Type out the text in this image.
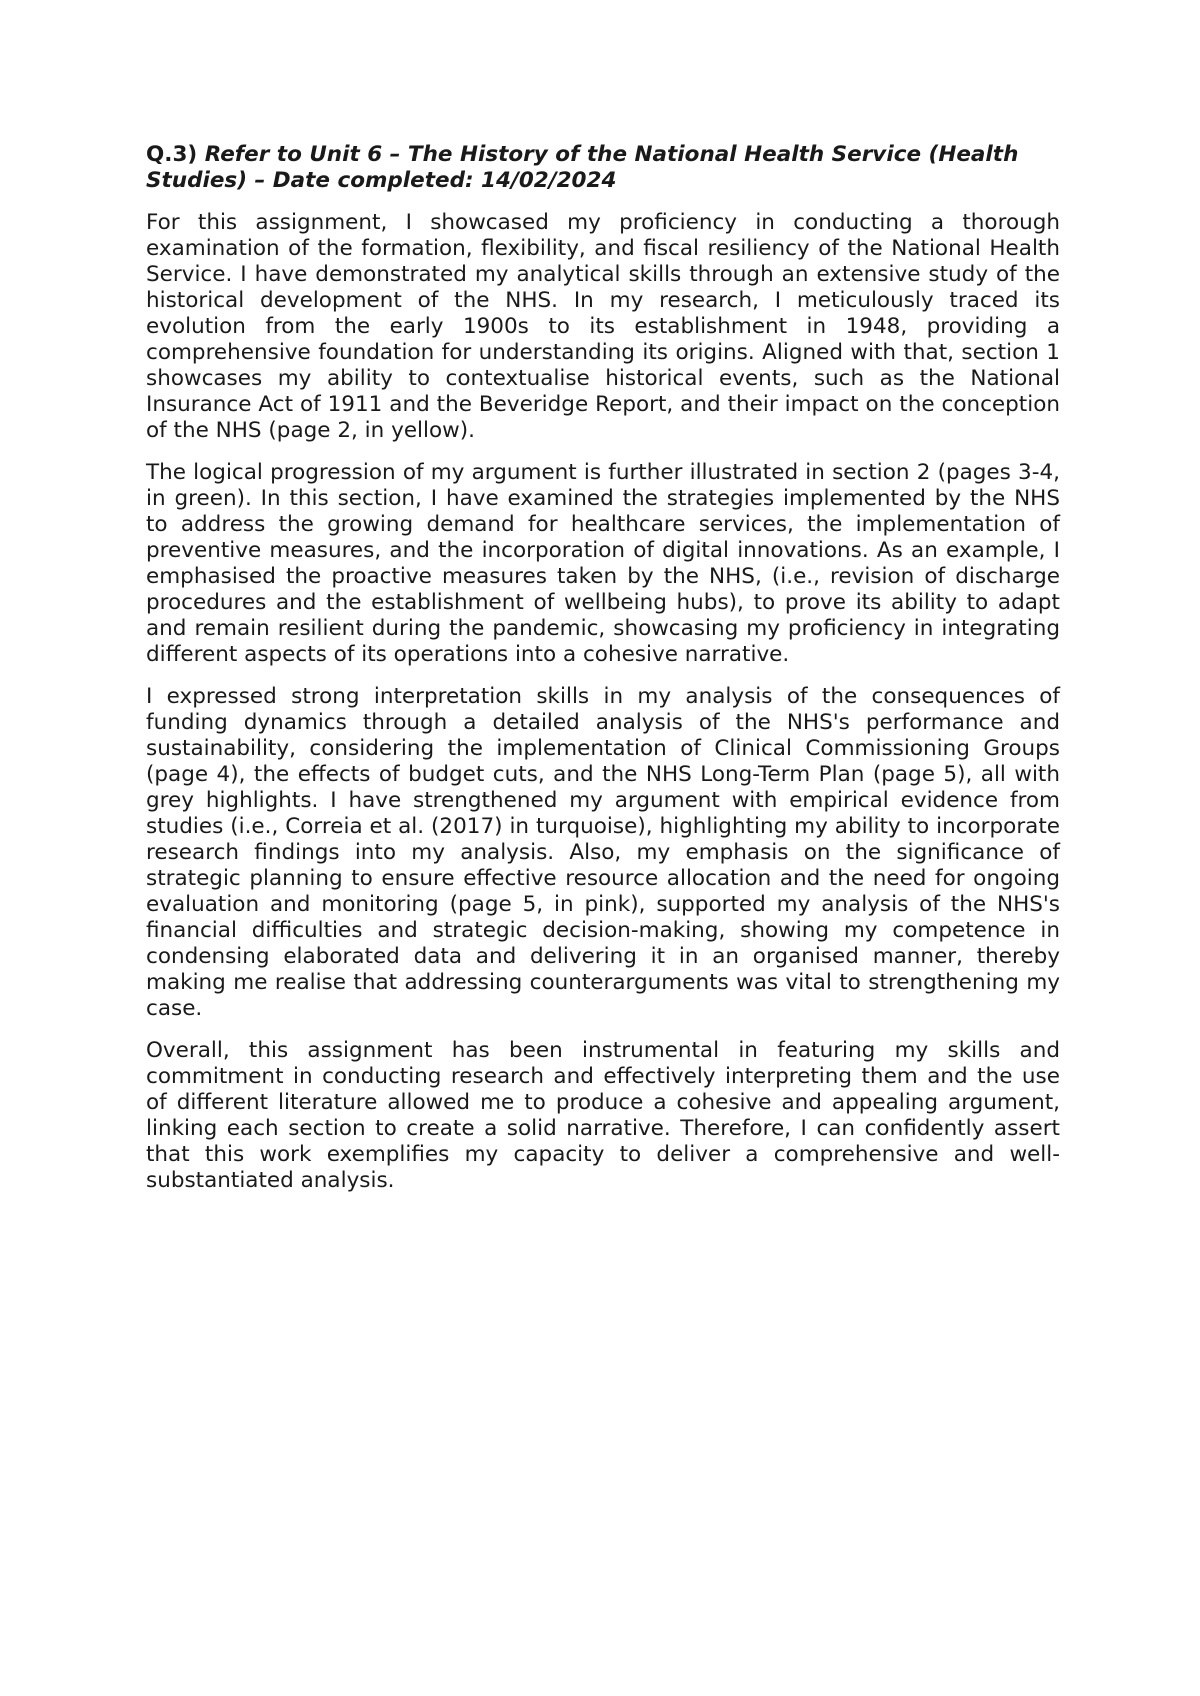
Q.3) Refer to Unit 6 – The History of the National Health Service (Health Studies) – Date completed: 14/02/2024

For this assignment, I showcased my proficiency in conducting a thorough examination of the formation, flexibility, and fiscal resiliency of the National Health Service. I have demonstrated my analytical skills through an extensive study of the historical development of the NHS. In my research, I meticulously traced its evolution from the early 1900s to its establishment in 1948, providing a comprehensive foundation for understanding its origins. Aligned with that, section 1 showcases my ability to contextualise historical events, such as the National Insurance Act of 1911 and the Beveridge Report, and their impact on the conception of the NHS (page 2, in yellow).

The logical progression of my argument is further illustrated in section 2 (pages 3-4, in green). In this section, I have examined the strategies implemented by the NHS to address the growing demand for healthcare services, the implementation of preventive measures, and the incorporation of digital innovations. As an example, I emphasised the proactive measures taken by the NHS, (i.e., revision of discharge procedures and the establishment of wellbeing hubs), to prove its ability to adapt and remain resilient during the pandemic, showcasing my proficiency in integrating different aspects of its operations into a cohesive narrative.

I expressed strong interpretation skills in my analysis of the consequences of funding dynamics through a detailed analysis of the NHS's performance and sustainability, considering the implementation of Clinical Commissioning Groups (page 4), the effects of budget cuts, and the NHS Long-Term Plan (page 5), all with grey highlights. I have strengthened my argument with empirical evidence from studies (i.e., Correia et al. (2017) in turquoise), highlighting my ability to incorporate research findings into my analysis. Also, my emphasis on the significance of strategic planning to ensure effective resource allocation and the need for ongoing evaluation and monitoring (page 5, in pink), supported my analysis of the NHS's financial difficulties and strategic decision-making, showing my competence in condensing elaborated data and delivering it in an organised manner, thereby making me realise that addressing counterarguments was vital to strengthening my case.

Overall, this assignment has been instrumental in featuring my skills and commitment in conducting research and effectively interpreting them and the use of different literature allowed me to produce a cohesive and appealing argument, linking each section to create a solid narrative. Therefore, I can confidently assert that this work exemplifies my capacity to deliver a comprehensive and well-substantiated analysis.
